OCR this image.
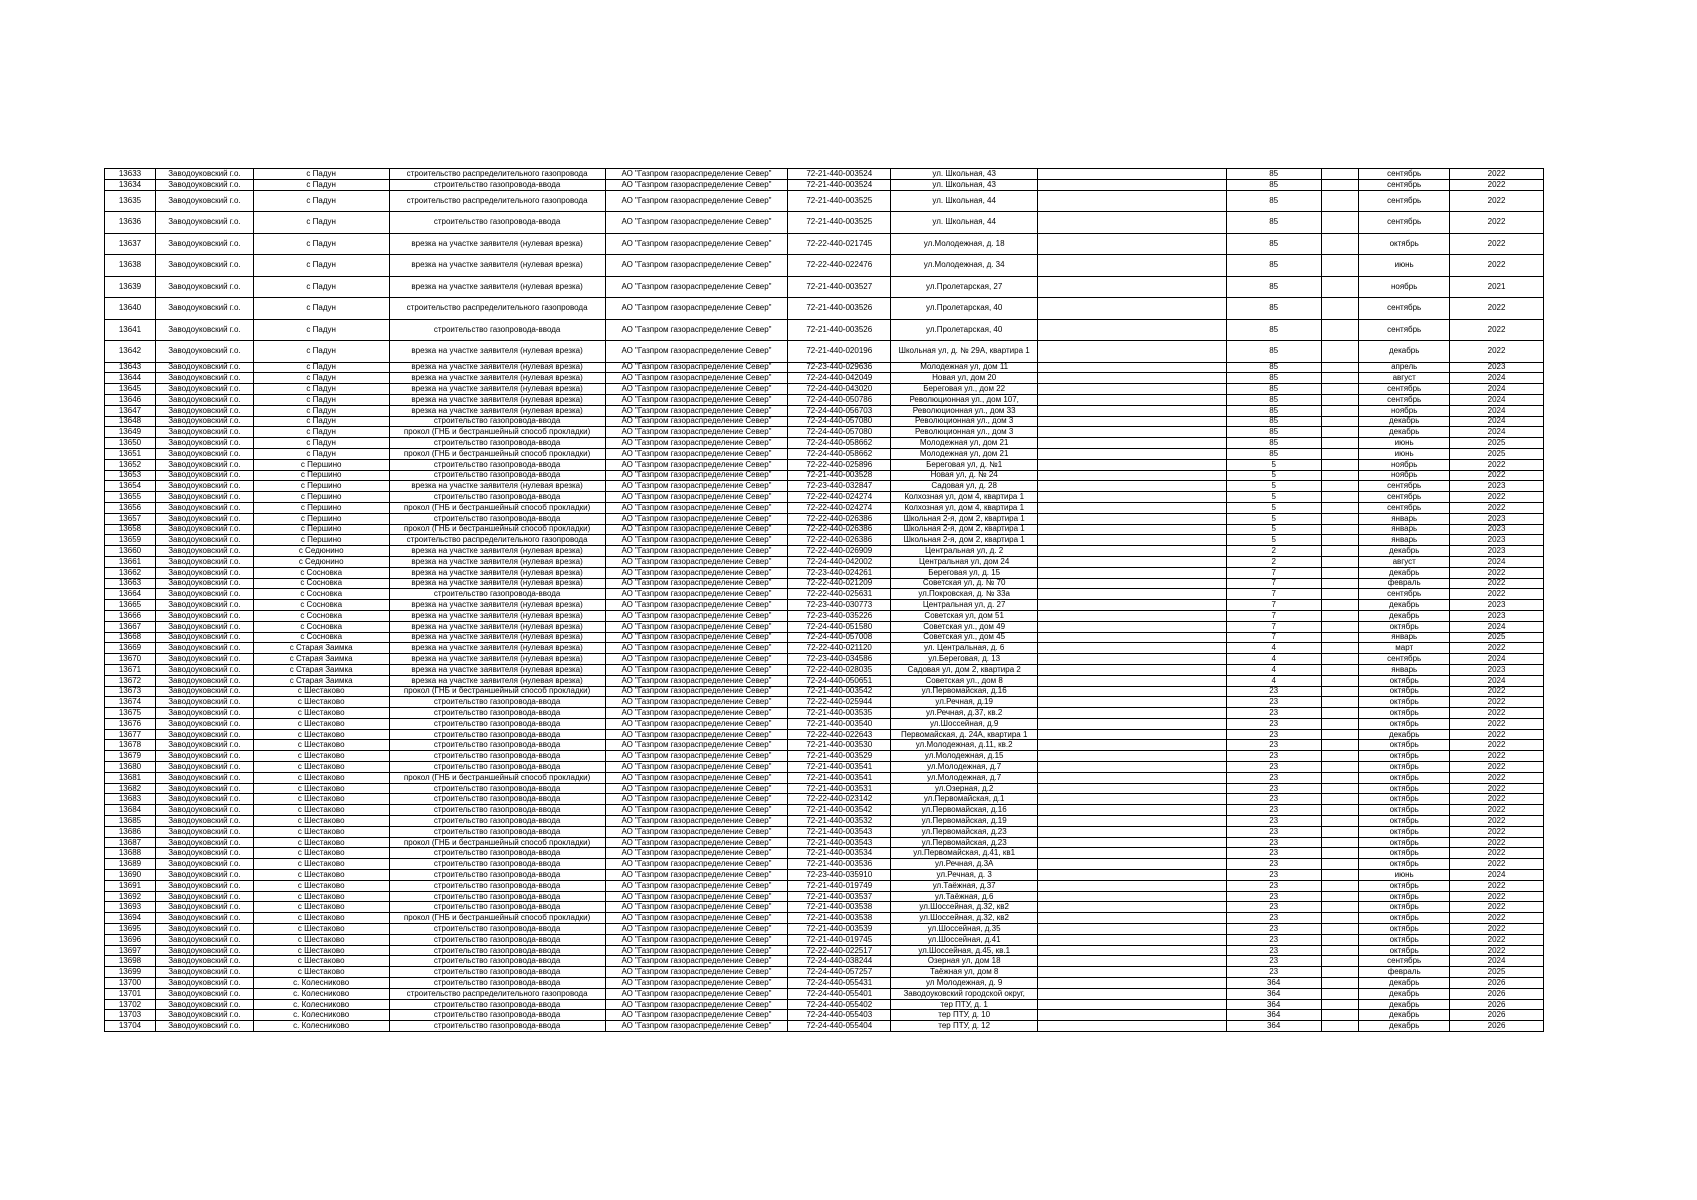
13633	Заводоуковский г.о.	с Падун	строительство распределительного газопровода	АО "Газпром газораспределение Север"	72-21-440-003524	ул. Школьная, 43		85		сентябрь	2022
13634	Заводоуковский г.о.	с Падун	строительство газопровода-ввода	АО "Газпром газораспределение Север"	72-21-440-003524	ул. Школьная, 43		85		сентябрь	2022
13635	Заводоуковский г.о.	с Падун	строительство распределительного газопровода	АО "Газпром газораспределение Север"	72-21-440-003525	ул. Школьная, 44		85		сентябрь	2022
13636	Заводоуковский г.о.	с Падун	строительство газопровода-ввода	АО "Газпром газораспределение Север"	72-21-440-003525	ул. Школьная, 44		85		сентябрь	2022
13637	Заводоуковский г.о.	с Падун	врезка на участке заявителя (нулевая врезка)	АО "Газпром газораспределение Север"	72-22-440-021745	ул.Молодежная, д. 18		85		октябрь	2022
13638	Заводоуковский г.о.	с Падун	врезка на участке заявителя (нулевая врезка)	АО "Газпром газораспределение Север"	72-22-440-022476	ул.Молодежная, д. 34		85		июнь	2022
13639	Заводоуковский г.о.	с Падун	врезка на участке заявителя (нулевая врезка)	АО "Газпром газораспределение Север"	72-21-440-003527	ул.Пролетарская, 27		85		ноябрь	2021
13640	Заводоуковский г.о.	с Падун	строительство распределительного газопровода	АО "Газпром газораспределение Север"	72-21-440-003526	ул.Пролетарская, 40		85		сентябрь	2022
13641	Заводоуковский г.о.	с Падун	строительство газопровода-ввода	АО "Газпром газораспределение Север"	72-21-440-003526	ул.Пролетарская, 40		85		сентябрь	2022
13642	Заводоуковский г.о.	с Падун	врезка на участке заявителя (нулевая врезка)	АО "Газпром газораспределение Север"	72-21-440-020196	Школьная ул, д. № 29А, квартира 1		85		декабрь	2022
13643	Заводоуковский г.о.	с Падун	врезка на участке заявителя (нулевая врезка)	АО "Газпром газораспределение Север"	72-23-440-029636	Молодежная ул, дом 11		85		апрель	2023
13644	Заводоуковский г.о.	с Падун	врезка на участке заявителя (нулевая врезка)	АО "Газпром газораспределение Север"	72-24-440-042049	Новая ул, дом 20		85		август	2024
13645	Заводоуковский г.о.	с Падун	врезка на участке заявителя (нулевая врезка)	АО "Газпром газораспределение Север"	72-24-440-043020	Береговая ул., дом 22		85		сентябрь	2024
13646	Заводоуковский г.о.	с Падун	врезка на участке заявителя (нулевая врезка)	АО "Газпром газораспределение Север"	72-24-440-050786	Революционная ул., дом 107,		85		сентябрь	2024
13647	Заводоуковский г.о.	с Падун	врезка на участке заявителя (нулевая врезка)	АО "Газпром газораспределение Север"	72-24-440-056703	Революционная ул., дом 33		85		ноябрь	2024
13648	Заводоуковский г.о.	с Падун	строительство газопровода-ввода	АО "Газпром газораспределение Север"	72-24-440-057080	Революционная ул., дом 3		85		декабрь	2024
13649	Заводоуковский г.о.	с Падун	прокол (ГНБ и бестраншейный способ прокладки)	АО "Газпром газораспределение Север"	72-24-440-057080	Революционная ул., дом 3		85		декабрь	2024
13650	Заводоуковский г.о.	с Падун	строительство газопровода-ввода	АО "Газпром газораспределение Север"	72-24-440-058662	Молодежная ул, дом 21		85		июнь	2025
13651	Заводоуковский г.о.	с Падун	прокол (ГНБ и бестраншейный способ прокладки)	АО "Газпром газораспределение Север"	72-24-440-058662	Молодежная ул, дом 21		85		июнь	2025
13652	Заводоуковский г.о.	с Першино	строительство газопровода-ввода	АО "Газпром газораспределение Север"	72-22-440-025896	Береговая ул, д. №1		5		ноябрь	2022
13653	Заводоуковский г.о.	с Першино	строительство газопровода-ввода	АО "Газпром газораспределение Север"	72-21-440-003528	Новая ул, д. № 24		5		ноябрь	2022
13654	Заводоуковский г.о.	с Першино	врезка на участке заявителя (нулевая врезка)	АО "Газпром газораспределение Север"	72-23-440-032847	Садовая ул, д. 28		5		сентябрь	2023
13655	Заводоуковский г.о.	с Першино	строительство газопровода-ввода	АО "Газпром газораспределение Север"	72-22-440-024274	Колхозная ул, дом 4, квартира 1		5		сентябрь	2022
13656	Заводоуковский г.о.	с Першино	прокол (ГНБ и бестраншейный способ прокладки)	АО "Газпром газораспределение Север"	72-22-440-024274	Колхозная ул, дом 4, квартира 1		5		сентябрь	2022
13657	Заводоуковский г.о.	с Першино	строительство газопровода-ввода	АО "Газпром газораспределение Север"	72-22-440-026386	Школьная 2-я, дом 2, квартира 1		5		январь	2023
13658	Заводоуковский г.о.	с Першино	прокол (ГНБ и бестраншейный способ прокладки)	АО "Газпром газораспределение Север"	72-22-440-026386	Школьная 2-я, дом 2, квартира 1		5		январь	2023
13659	Заводоуковский г.о.	с Першино	строительство распределительного газопровода	АО "Газпром газораспределение Север"	72-22-440-026386	Школьная 2-я, дом 2, квартира 1		5		январь	2023
13660	Заводоуковский г.о.	с Седюнино	врезка на участке заявителя (нулевая врезка)	АО "Газпром газораспределение Север"	72-22-440-026909	Центральная ул, д. 2		2		декабрь	2023
13661	Заводоуковский г.о.	с Седюнино	врезка на участке заявителя (нулевая врезка)	АО "Газпром газораспределение Север"	72-24-440-042002	Центральная ул, дом 24		2		август	2024
13662	Заводоуковский г.о.	с Сосновка	врезка на участке заявителя (нулевая врезка)	АО "Газпром газораспределение Север"	72-23-440-024261	Береговая ул, д. 15		7		декабрь	2022
13663	Заводоуковский г.о.	с Сосновка	врезка на участке заявителя (нулевая врезка)	АО "Газпром газораспределение Север"	72-22-440-021209	Советская ул, д. № 70		7		февраль	2022
13664	Заводоуковский г.о.	с Сосновка	строительство газопровода-ввода	АО "Газпром газораспределение Север"	72-22-440-025631	ул.Покровская, д. № 33а		7		сентябрь	2022
13665	Заводоуковский г.о.	с Сосновка	врезка на участке заявителя (нулевая врезка)	АО "Газпром газораспределение Север"	72-23-440-030773	Центральная ул, д. 27		7		декабрь	2023
13666	Заводоуковский г.о.	с Сосновка	врезка на участке заявителя (нулевая врезка)	АО "Газпром газораспределение Север"	72-23-440-035226	Советская ул, дом 51		7		декабрь	2023
13667	Заводоуковский г.о.	с Сосновка	врезка на участке заявителя (нулевая врезка)	АО "Газпром газораспределение Север"	72-24-440-051580	Советская ул., дом 49		7		октябрь	2024
13668	Заводоуковский г.о.	с Сосновка	врезка на участке заявителя (нулевая врезка)	АО "Газпром газораспределение Север"	72-24-440-057008	Советская ул., дом 45		7		январь	2025
13669	Заводоуковский г.о.	с Старая Заимка	врезка на участке заявителя (нулевая врезка)	АО "Газпром газораспределение Север"	72-22-440-021120	ул. Центральная, д. 6		4		март	2022
13670	Заводоуковский г.о.	с Старая Заимка	врезка на участке заявителя (нулевая врезка)	АО "Газпром газораспределение Север"	72-23-440-034586	ул.Береговая, д. 13		4		сентябрь	2024
13671	Заводоуковский г.о.	с Старая Заимка	врезка на участке заявителя (нулевая врезка)	АО "Газпром газораспределение Север"	72-22-440-028035	Садовая ул, дом 2, квартира 2		4		январь	2023
13672	Заводоуковский г.о.	с Старая Заимка	врезка на участке заявителя (нулевая врезка)	АО "Газпром газораспределение Север"	72-24-440-050651	Советская ул., дом 8		4		октябрь	2024
13673	Заводоуковский г.о.	с Шестаково	прокол (ГНБ и бестраншейный способ прокладки)	АО "Газпром газораспределение Север"	72-21-440-003542	ул.Первомайская, д.16		23		октябрь	2022
13674	Заводоуковский г.о.	с Шестаково	строительство газопровода-ввода	АО "Газпром газораспределение Север"	72-22-440-025944	ул.Речная, д.19		23		октябрь	2022
13675	Заводоуковский г.о.	с Шестаково	строительство газопровода-ввода	АО "Газпром газораспределение Север"	72-21-440-003535	ул.Речная, д.37, кв.2		23		октябрь	2022
13676	Заводоуковский г.о.	с Шестаково	строительство газопровода-ввода	АО "Газпром газораспределение Север"	72-21-440-003540	ул.Шоссейная, д.9		23		октябрь	2022
13677	Заводоуковский г.о.	с Шестаково	строительство газопровода-ввода	АО "Газпром газораспределение Север"	72-22-440-022643	Первомайская, д. 24А, квартира 1		23		декабрь	2022
13678	Заводоуковский г.о.	с Шестаково	строительство газопровода-ввода	АО "Газпром газораспределение Север"	72-21-440-003530	ул.Молодежная, д.11, кв.2		23		октябрь	2022
13679	Заводоуковский г.о.	с Шестаково	строительство газопровода-ввода	АО "Газпром газораспределение Север"	72-21-440-003529	ул.Молодежная, д.15		23		октябрь	2022
13680	Заводоуковский г.о.	с Шестаково	строительство газопровода-ввода	АО "Газпром газораспределение Север"	72-21-440-003541	ул.Молодежная, д.7		23		октябрь	2022
13681	Заводоуковский г.о.	с Шестаково	прокол (ГНБ и бестраншейный способ прокладки)	АО "Газпром газораспределение Север"	72-21-440-003541	ул.Молодежная, д.7		23		октябрь	2022
13682	Заводоуковский г.о.	с Шестаково	строительство газопровода-ввода	АО "Газпром газораспределение Север"	72-21-440-003531	ул.Озерная, д.2		23		октябрь	2022
13683	Заводоуковский г.о.	с Шестаково	строительство газопровода-ввода	АО "Газпром газораспределение Север"	72-22-440-023142	ул.Первомайская, д.1		23		октябрь	2022
13684	Заводоуковский г.о.	с Шестаково	строительство газопровода-ввода	АО "Газпром газораспределение Север"	72-21-440-003542	ул.Первомайская, д.16		23		октябрь	2022
13685	Заводоуковский г.о.	с Шестаково	строительство газопровода-ввода	АО "Газпром газораспределение Север"	72-21-440-003532	ул.Первомайская, д.19		23		октябрь	2022
13686	Заводоуковский г.о.	с Шестаково	строительство газопровода-ввода	АО "Газпром газораспределение Север"	72-21-440-003543	ул.Первомайская, д.23		23		октябрь	2022
13687	Заводоуковский г.о.	с Шестаково	прокол (ГНБ и бестраншейный способ прокладки)	АО "Газпром газораспределение Север"	72-21-440-003543	ул.Первомайская, д.23		23		октябрь	2022
13688	Заводоуковский г.о.	с Шестаково	строительство газопровода-ввода	АО "Газпром газораспределение Север"	72-21-440-003534	ул.Первомайская, д.41, кв1		23		октябрь	2022
13689	Заводоуковский г.о.	с Шестаково	строительство газопровода-ввода	АО "Газпром газораспределение Север"	72-21-440-003536	ул.Речная, д.3А		23		октябрь	2022
13690	Заводоуковский г.о.	с Шестаково	строительство газопровода-ввода	АО "Газпром газораспределение Север"	72-23-440-035910	ул.Речная, д. 3		23		июнь	2024
13691	Заводоуковский г.о.	с Шестаково	строительство газопровода-ввода	АО "Газпром газораспределение Север"	72-21-440-019749	ул.Таёжная, д.37		23		октябрь	2022
13692	Заводоуковский г.о.	с Шестаково	строительство газопровода-ввода	АО "Газпром газораспределение Север"	72-21-440-003537	ул.Таёжная, д.6		23		октябрь	2022
13693	Заводоуковский г.о.	с Шестаково	строительство газопровода-ввода	АО "Газпром газораспределение Север"	72-21-440-003538	ул.Шоссейная, д.32, кв2		23		октябрь	2022
13694	Заводоуковский г.о.	с Шестаково	прокол (ГНБ и бестраншейный способ прокладки)	АО "Газпром газораспределение Север"	72-21-440-003538	ул.Шоссейная, д.32, кв2		23		октябрь	2022
13695	Заводоуковский г.о.	с Шестаково	строительство газопровода-ввода	АО "Газпром газораспределение Север"	72-21-440-003539	ул.Шоссейная, д.35		23		октябрь	2022
13696	Заводоуковский г.о.	с Шестаково	строительство газопровода-ввода	АО "Газпром газораспределение Север"	72-21-440-019745	ул.Шоссейная, д.41		23		октябрь	2022
13697	Заводоуковский г.о.	с Шестаково	строительство газопровода-ввода	АО "Газпром газораспределение Север"	72-22-440-022517	ул.Шоссейная, д.45, кв.1		23		октябрь	2022
13698	Заводоуковский г.о.	с Шестаково	строительство газопровода-ввода	АО "Газпром газораспределение Север"	72-24-440-038244	Озерная ул, дом 18		23		сентябрь	2024
13699	Заводоуковский г.о.	с Шестаково	строительство газопровода-ввода	АО "Газпром газораспределение Север"	72-24-440-057257	Таёжная ул, дом 8		23		февраль	2025
13700	Заводоуковский г.о.	с. Колесниково	строительство газопровода-ввода	АО "Газпром газораспределение Север"	72-24-440-055431	ул Молодежная, д. 9		364		декабрь	2026
13701	Заводоуковский г.о.	с. Колесниково	строительство распределительного газопровода	АО "Газпром газораспределение Север"	72-24-440-055401	Заводоуковский городской округ,		364		декабрь	2026
13702	Заводоуковский г.о.	с. Колесниково	строительство газопровода-ввода	АО "Газпром газораспределение Север"	72-24-440-055402	тер ПТУ, д. 1		364		декабрь	2026
13703	Заводоуковский г.о.	с. Колесниково	строительство газопровода-ввода	АО "Газпром газораспределение Север"	72-24-440-055403	тер ПТУ, д. 10		364		декабрь	2026
13704	Заводоуковский г.о.	с. Колесниково	строительство газопровода-ввода	АО "Газпром газораспределение Север"	72-24-440-055404	тер ПТУ, д. 12		364		декабрь	2026
